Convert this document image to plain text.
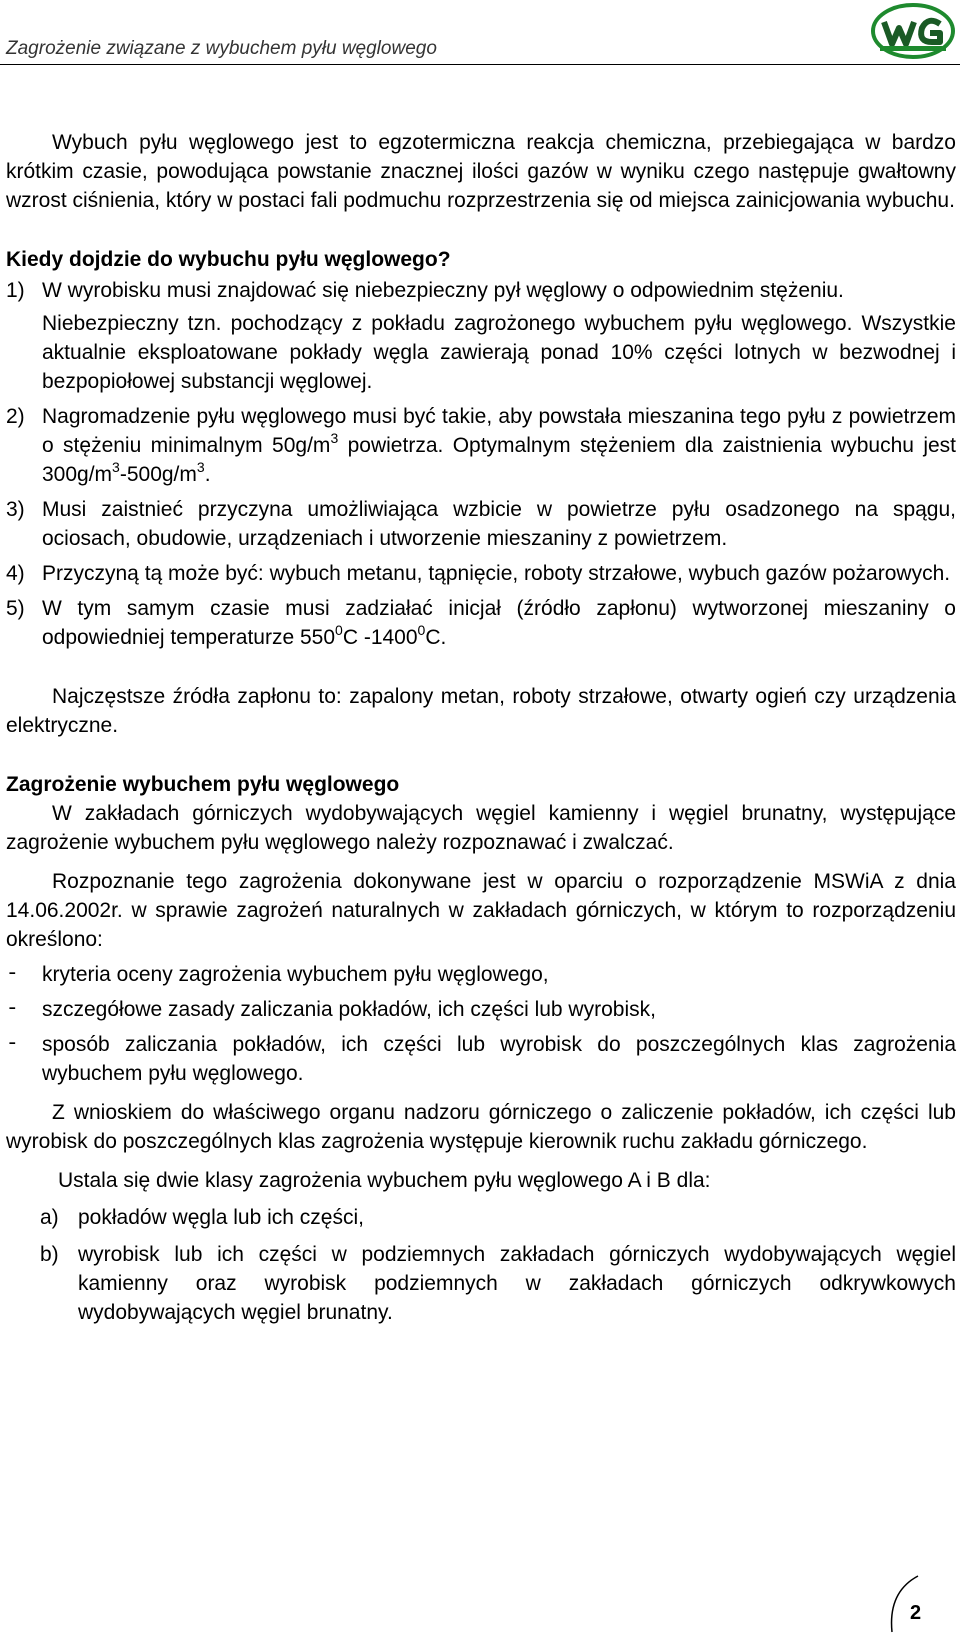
Zagrożenie związane z wybuchem pyłu węglowego

Wybuch pyłu węglowego jest to egzotermiczna reakcja chemiczna, przebiegająca w bardzo krótkim czasie, powodująca powstanie znacznej ilości gazów w wyniku czego następuje gwałtowny wzrost ciśnienia, który w postaci fali podmuchu rozprzestrzenia się od miejsca zainicjowania wybuchu.

Kiedy dojdzie do wybuchu pyłu węglowego?

1) W wyrobisku musi znajdować się niebezpieczny pył węglowy o odpowiednim stężeniu.
Niebezpieczny tzn. pochodzący z pokładu zagrożonego wybuchem pyłu węglowego. Wszystkie aktualnie eksploatowane pokłady węgla zawierają ponad 10% części lotnych w bezwodnej i bezpopiołowej substancji węglowej.
2) Nagromadzenie pyłu węglowego musi być takie, aby powstała mieszanina tego pyłu z powietrzem o stężeniu minimalnym $50g/m^3$ powietrza. Optymalnym stężeniem dla zaistnienia wybuchu jest $300g/m^3-500g/m^3$.
3) Musi zaistnieć przyczyna umożliwiająca wzbicie w powietrze pyłu osadzonego na spągu, ociosach, obudowie, urządzeniach i utworzenie mieszaniny z powietrzem.
4) Przyczyną tą może być: wybuch metanu, tąpnięcie, roboty strzałowe, wybuch gazów pożarowych.
5) W tym samym czasie musi zadziałać inicjał (źródło zapłonu) wytworzonej mieszaniny o odpowiedniej temperaturze $550^0C$ -1400$^0$C.

Najczęstsze źródła zapłonu to: zapalony metan, roboty strzałowe, otwarty ogień czy urządzenia elektryczne.

Zagrożenie wybuchem pyłu węglowego

W zakładach górniczych wydobywających węgiel kamienny i węgiel brunatny, występujące zagrożenie wybuchem pyłu węglowego należy rozpoznawać i zwalczać.

Rozpoznanie tego zagrożenia dokonywane jest w oparciu o rozporządzenie MSWiA z dnia 14.06.2002r. w sprawie zagrożeń naturalnych w zakładach górniczych, w którym to rozporządzeniu określono:

- kryteria oceny zagrożenia wybuchem pyłu węglowego,
- szczegółowe zasady zaliczania pokładów, ich części lub wyrobisk,
- sposób zaliczania pokładów, ich części lub wyrobisk do poszczególnych klas zagrożenia wybuchem pyłu węglowego.

Z wnioskiem do właściwego organu nadzoru górniczego o zaliczenie pokładów, ich części lub wyrobisk do poszczególnych klas zagrożenia występuje kierownik ruchu zakładu górniczego.

Ustala się dwie klasy zagrożenia wybuchem pyłu węglowego A i B dla:

a) pokładów węgla lub ich części,
b) wyrobisk lub ich części w podziemnych zakładach górniczych wydobywających węgiel kamienny oraz wyrobisk podziemnych w zakładach górniczych odkrywkowych wydobywających węgiel brunatny.
2
